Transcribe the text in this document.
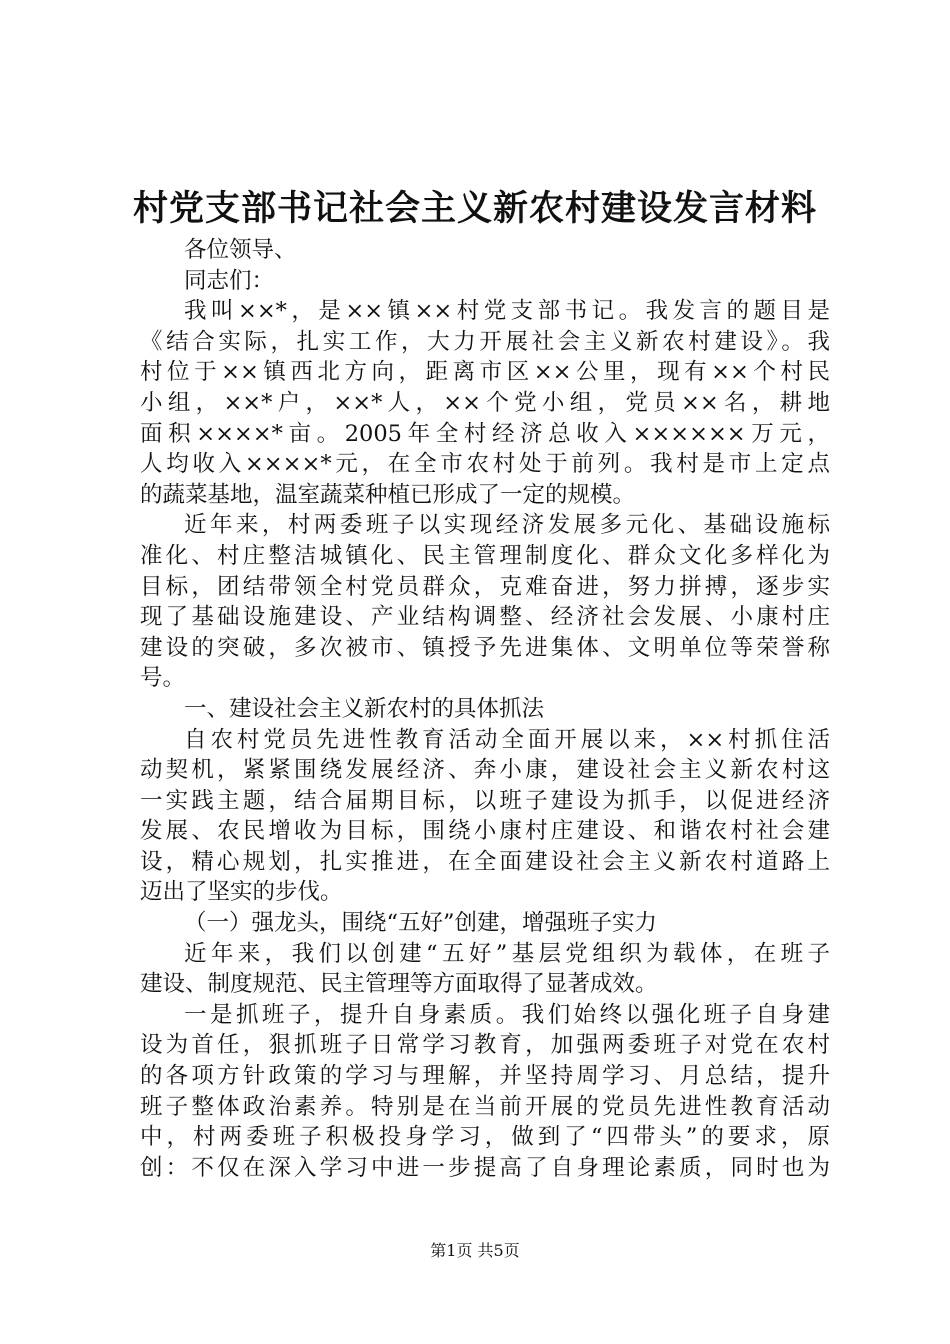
村党支部书记社会主义新农村建设发言材料
各位领导、
同志们：
我叫××*，是××镇××村党支部书记。我发言的题目是
《结合实际，扎实工作，大力开展社会主义新农村建设》。我
村位于××镇西北方向，距离市区××公里，现有××个村民
小组，××*户，××*人，××个党小组，党员××名，耕地
面积××××*亩。2005年全村经济总收入××××××万元，
人均收入××××*元，在全市农村处于前列。我村是市上定点
的蔬菜基地，温室蔬菜种植已形成了一定的规模。
近年来，村两委班子以实现经济发展多元化、基础设施标
准化、村庄整洁城镇化、民主管理制度化、群众文化多样化为
目标，团结带领全村党员群众，克难奋进，努力拼搏，逐步实
现了基础设施建设、产业结构调整、经济社会发展、小康村庄
建设的突破，多次被市、镇授予先进集体、文明单位等荣誉称
号。
一、建设社会主义新农村的具体抓法
自农村党员先进性教育活动全面开展以来，××村抓住活
动契机，紧紧围绕发展经济、奔小康，建设社会主义新农村这
一实践主题，结合届期目标，以班子建设为抓手，以促进经济
发展、农民增收为目标，围绕小康村庄建设、和谐农村社会建
设，精心规划，扎实推进，在全面建设社会主义新农村道路上
迈出了坚实的步伐。
（一）强龙头，围绕“五好”创建，增强班子实力
近年来，我们以创建“五好”基层党组织为载体，在班子
建设、制度规范、民主管理等方面取得了显著成效。
一是抓班子，提升自身素质。我们始终以强化班子自身建
设为首任，狠抓班子日常学习教育，加强两委班子对党在农村
的各项方针政策的学习与理解，并坚持周学习、月总结，提升
班子整体政治素养。特别是在当前开展的党员先进性教育活动
中，村两委班子积极投身学习，做到了“四带头”的要求，原
创：不仅在深入学习中进一步提高了自身理论素质，同时也为
第1页 共5页
